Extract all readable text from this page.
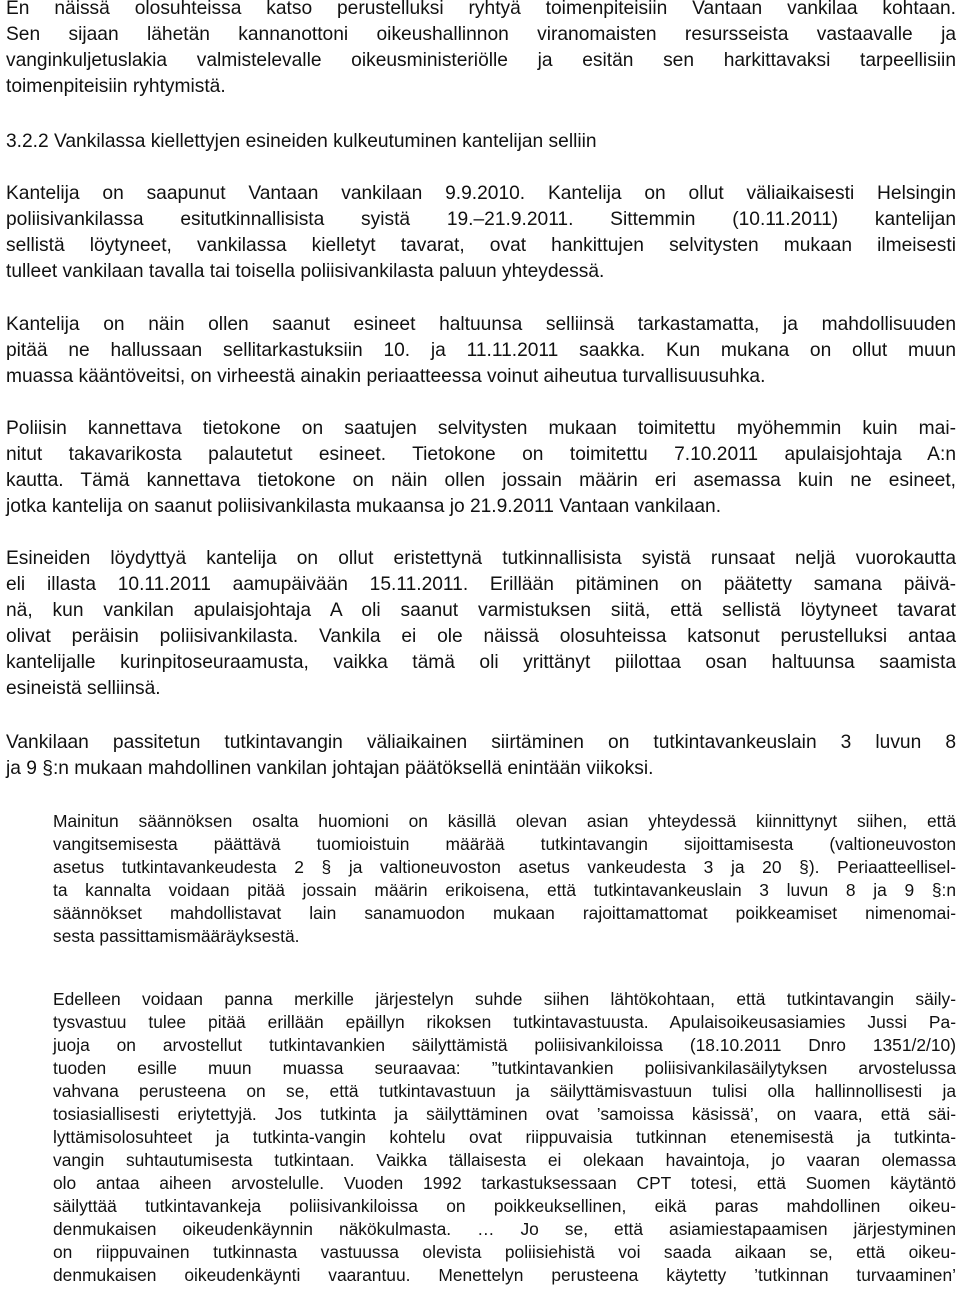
En näissä olosuhteissa katso perustelluksi ryhtyä toimenpiteisiin Vantaan vankilaa kohtaan.
Sen sijaan lähetän kannanottoni oikeushallinnon viranomaisten resursseista vastaavalle ja
vanginkuljetuslakia valmistelevalle oikeusministeriölle ja esitän sen harkittavaksi tarpeellisiin
toimenpiteisiin ryhtymistä.
3.2.2 Vankilassa kiellettyjen esineiden kulkeutuminen kantelijan selliin
Kantelija on saapunut Vantaan vankilaan 9.9.2010. Kantelija on ollut väliaikaisesti Helsingin
poliisivankilassa esitutkinnallisista syistä 19.–21.9.2011. Sittemmin (10.11.2011) kantelijan
sellistä löytyneet, vankilassa kielletyt tavarat, ovat hankittujen selvitysten mukaan ilmeisesti
tulleet vankilaan tavalla tai toisella poliisivankilasta paluun yhteydessä.
Kantelija on näin ollen saanut esineet haltuunsa selliinsä tarkastamatta, ja mahdollisuuden
pitää ne hallussaan sellitarkastuksiin 10. ja 11.11.2011 saakka. Kun mukana on ollut muun
muassa kääntöveitsi, on virheestä ainakin periaatteessa voinut aiheutua turvallisuusuhka.
Poliisin kannettava tietokone on saatujen selvitysten mukaan toimitettu myöhemmin kuin mai-
nitut takavarikosta palautetut esineet. Tietokone on toimitettu 7.10.2011 apulaisjohtaja A:n
kautta. Tämä kannettava tietokone on näin ollen jossain määrin eri asemassa kuin ne esineet,
jotka kantelija on saanut poliisivankilasta mukaansa jo 21.9.2011 Vantaan vankilaan.
Esineiden löydyttyä kantelija on ollut eristettynä tutkinnallisista syistä runsaat neljä vuorokautta
eli illasta 10.11.2011 aamupäivään 15.11.2011. Erillään pitäminen on päätetty samana päivä-
nä, kun vankilan apulaisjohtaja A oli saanut varmistuksen siitä, että sellistä löytyneet tavarat
olivat peräisin poliisivankilasta. Vankila ei ole näissä olosuhteissa katsonut perustelluksi antaa
kantelijalle kurinpitoseuraamusta, vaikka tämä oli yrittänyt piilottaa osan haltuunsa saamista
esineistä selliinsä.
Vankilaan passitetun tutkintavangin väliaikainen siirtäminen on tutkintavankeuslain 3 luvun 8
ja 9 §:n mukaan mahdollinen vankilan johtajan päätöksellä enintään viikoksi.
Mainitun säännöksen osalta huomioni on käsillä olevan asian yhteydessä kiinnittynyt siihen, että
vangitsemisesta päättävä tuomioistuin määrää tutkintavangin sijoittamisesta (valtioneuvoston
asetus tutkintavankeudesta 2 § ja valtioneuvoston asetus vankeudesta 3 ja 20 §). Periaatteellisel-
ta kannalta voidaan pitää jossain määrin erikoisena, että tutkintavankeuslain 3 luvun 8 ja 9 §:n
säännökset mahdollistavat lain sanamuodon mukaan rajoittamattomat poikkeamiset nimenomai-
sesta passittamismääräyksestä.
Edelleen voidaan panna merkille järjestelyn suhde siihen lähtökohtaan, että tutkintavangin säily-
tysvastuu tulee pitää erillään epäillyn rikoksen tutkintavastuusta. Apulaisoikeusasiamies Jussi Pa-
juoja on arvostellut tutkintavankien säilyttämistä poliisivankiloissa (18.10.2011 Dnro 1351/2/10)
tuoden esille muun muassa seuraavaa: ”tutkintavankien poliisivankilasäilytyksen arvostelussa
vahvana perusteena on se, että tutkintavastuun ja säilyttämisvastuun tulisi olla hallinnollisesti ja
tosiasiallisesti eriytettyjä. Jos tutkinta ja säilyttäminen ovat ’samoissa käsissä’, on vaara, että säi-
lyttämisolosuhteet ja tutkinta-vangin kohtelu ovat riippuvaisia tutkinnan etenemisestä ja tutkinta-
vangin suhtautumisesta tutkintaan. Vaikka tällaisesta ei olekaan havaintoja, jo vaaran olemassa
olo antaa aiheen arvostelulle. Vuoden 1992 tarkastuksessaan CPT totesi, että Suomen käytäntö
säilyttää tutkintavankeja poliisivankiloissa on poikkeuksellinen, eikä paras mahdollinen oikeu-
denmukaisen oikeudenkäynnin näkökulmasta. … Jo se, että asiamiestapaamisen järjestyminen
on riippuvainen tutkinnasta vastuussa olevista poliisiehistä voi saada aikaan se, että oikeu-
denmukaisen oikeudenkäynti vaarantuu. Menettelyn perusteena käytetty ’tutkinnan turvaaminen’
